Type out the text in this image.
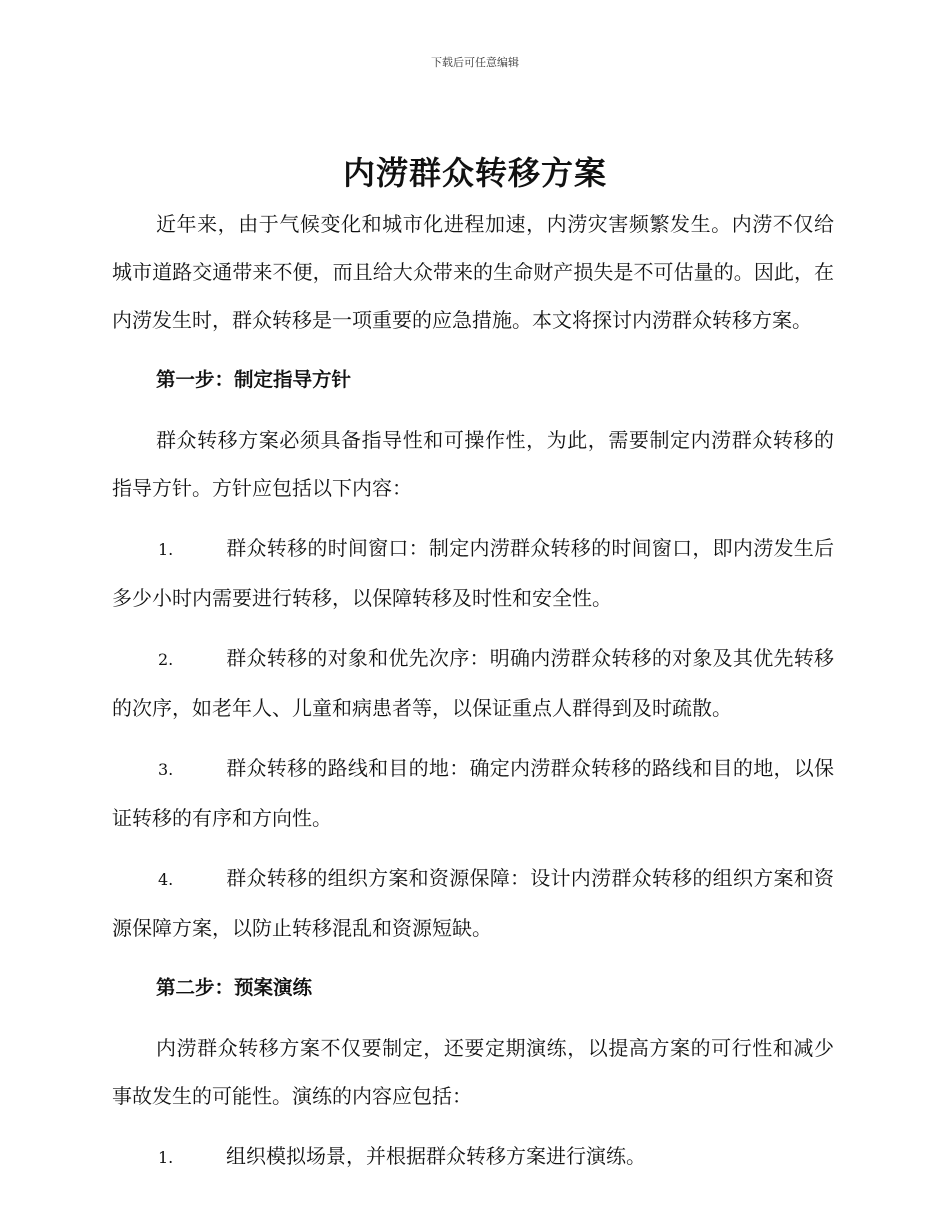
下载后可任意编辑
内涝群众转移方案

近年来，由于气候变化和城市化进程加速，内涝灾害频繁发生。内涝不仅给城市道路交通带来不便，而且给大众带来的生命财产损失是不可估量的。因此，在内涝发生时，群众转移是一项重要的应急措施。本文将探讨内涝群众转移方案。

第一步：制定指导方针

群众转移方案必须具备指导性和可操作性，为此，需要制定内涝群众转移的指导方针。方针应包括以下内容：

1.	群众转移的时间窗口：制定内涝群众转移的时间窗口，即内涝发生后多少小时内需要进行转移，以保障转移及时性和安全性。

2.	群众转移的对象和优先次序：明确内涝群众转移的对象及其优先转移的次序，如老年人、儿童和病患者等，以保证重点人群得到及时疏散。

3.	群众转移的路线和目的地：确定内涝群众转移的路线和目的地，以保证转移的有序和方向性。

4.	群众转移的组织方案和资源保障：设计内涝群众转移的组织方案和资源保障方案，以防止转移混乱和资源短缺。

第二步：预案演练

内涝群众转移方案不仅要制定，还要定期演练，以提高方案的可行性和减少事故发生的可能性。演练的内容应包括：

1.	组织模拟场景，并根据群众转移方案进行演练。
